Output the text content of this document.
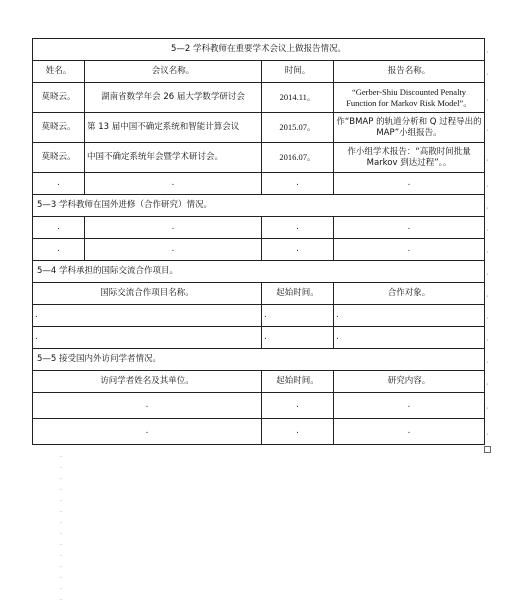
5—2 学科教师在重要学术会议上做报告情况。			
姓名。	会议名称。	时间。	报告名称。
莫晓云。	湖南省数学年会 26 届大学数学研讨会	2014.11。	“Gerber-Shiu Discounted Penalty Function for Markov Risk Model”。
莫晓云。	第 13 届中国不确定系统和智能计算会议	2015.07。	作“BMAP 的轨道分析和 Q 过程导出的 MAP”小组报告。
莫晓云。	中国不确定系统年会暨学术研讨会。	2016.07。	作小组学术报告：“高散时间批量 Markov 到达过程”。。
.	.	.	.
5—3 学科教师在国外进修（合作研究）情况。			
.	.	.	.
.	.	.	.
5—4 学科承担的国际交流合作项目。			
国际交流合作项目名称。		起始时间。	合作对象。
.		.	.
.		.	.
5—5 接受国内外访问学者情况。			
访问学者姓名及其单位。		起始时间。	研究内容。
.		.	.
.		.	.
¸
¸
¸
¸
¸
¸
¸
¸
¸
¸
¸
¸
¸
¸
¸
¸
¸
.
.
.
.
.
.
.
.
.
.
.
.
.
.
